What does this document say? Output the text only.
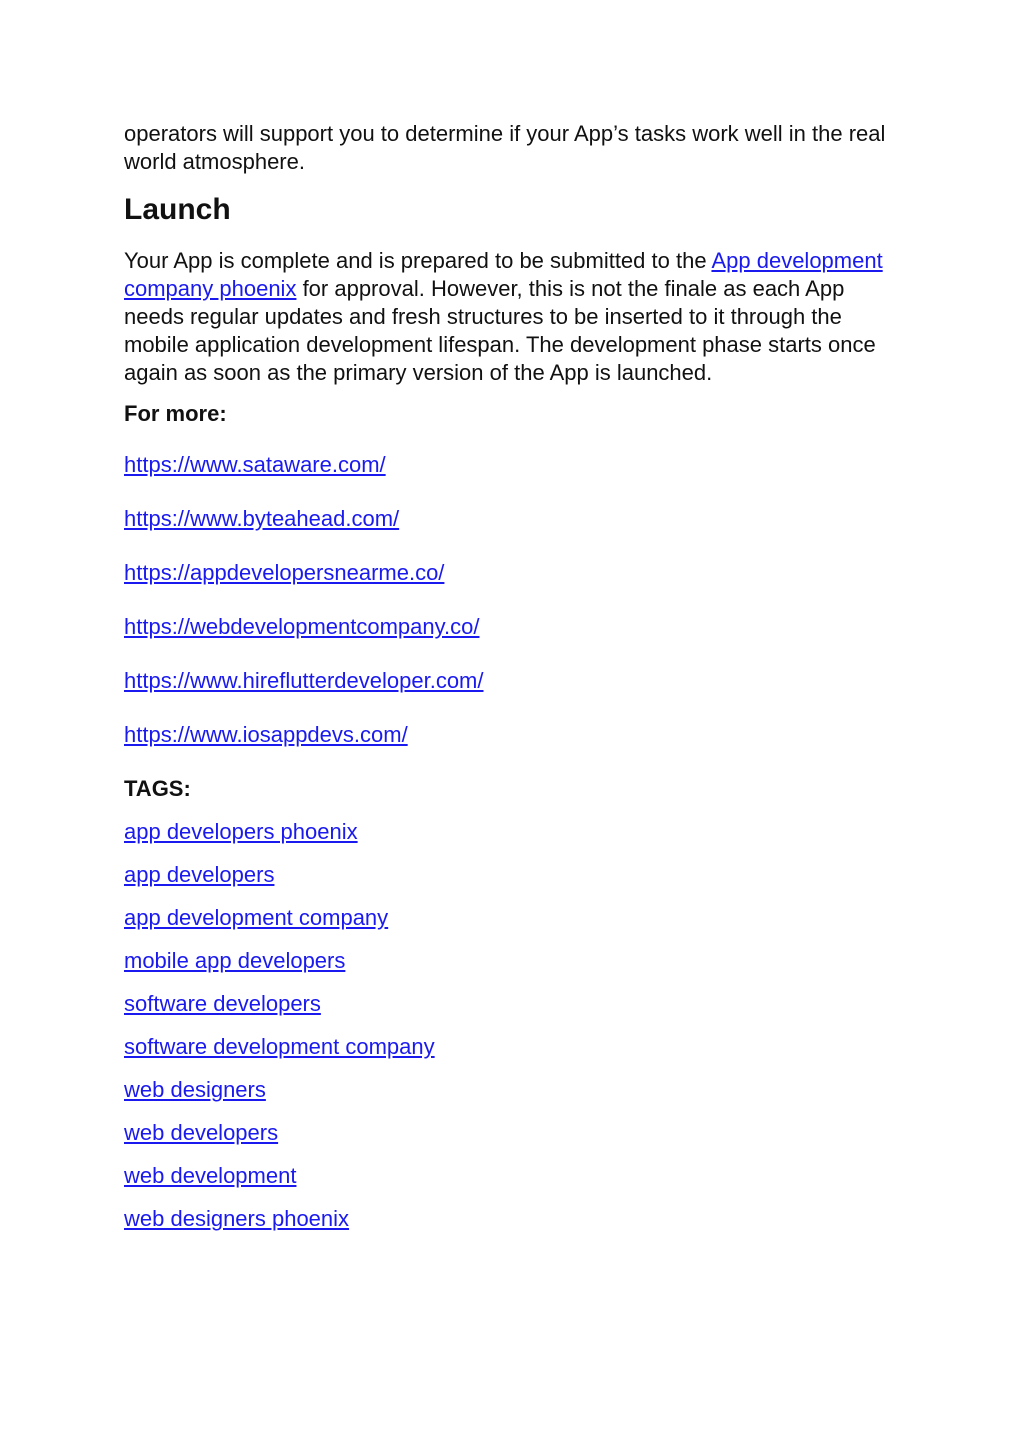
operators will support you to determine if your App’s tasks work well in the real world atmosphere.

Launch

Your App is complete and is prepared to be submitted to the App development company phoenix for approval. However, this is not the finale as each App needs regular updates and fresh structures to be inserted to it through the mobile application development lifespan. The development phase starts once again as soon as the primary version of the App is launched.

For more:
https://www.sataware.com/
https://www.byteahead.com/
https://appdevelopersnearme.co/
https://webdevelopmentcompany.co/
https://www.hireflutterdeveloper.com/
https://www.iosappdevs.com/
TAGS:
app developers phoenix
app developers
app development company
mobile app developers
software developers
software development company
web designers
web developers
web development
web designers phoenix
